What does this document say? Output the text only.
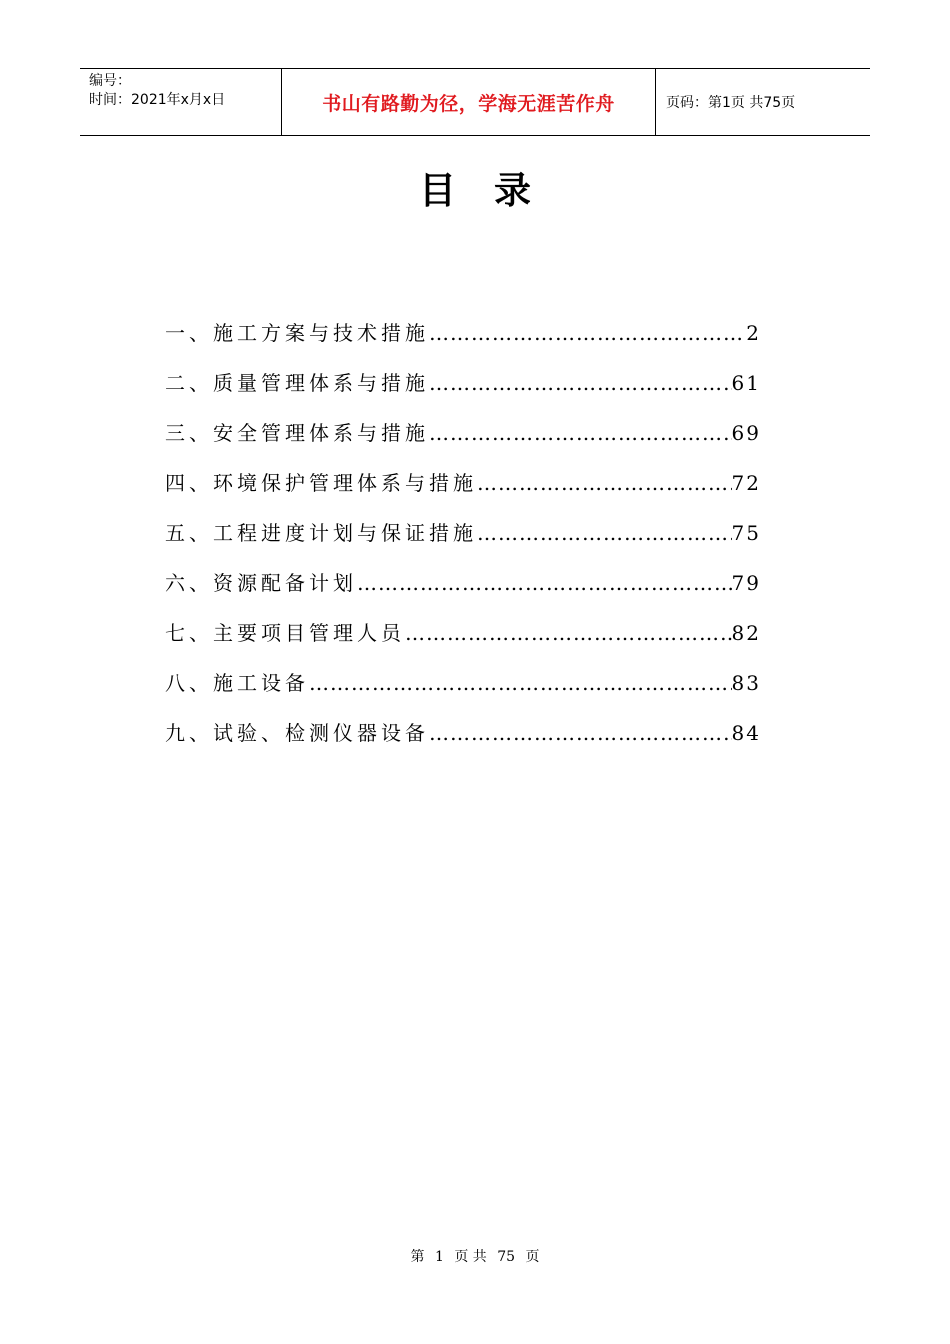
编号：
时间：2021年x月x日	书山有路勤为径，学海无涯苦作舟	页码：第1页 共75页
目录
一、 施工方案与技术措施 …………………………………………………………………………………………………………………………	2
二、 质量管理体系与措施 …………………………………………………………………………………………………………………………	61
三、 安全管理体系与措施 …………………………………………………………………………………………………………………………	69
四、 环境保护管理体系与措施 …………………………………………………………………………………………………………………………	72
五、 工程进度计划与保证措施 …………………………………………………………………………………………………………………………	75
六、 资源配备计划 …………………………………………………………………………………………………………………………	79
七、 主要项目管理人员 …………………………………………………………………………………………………………………………	82
八、 施工设备 …………………………………………………………………………………………………………………………	83
九、 试验、检测仪器设备 …………………………………………………………………………………………………………………………	84
第 1 页 共 75 页
